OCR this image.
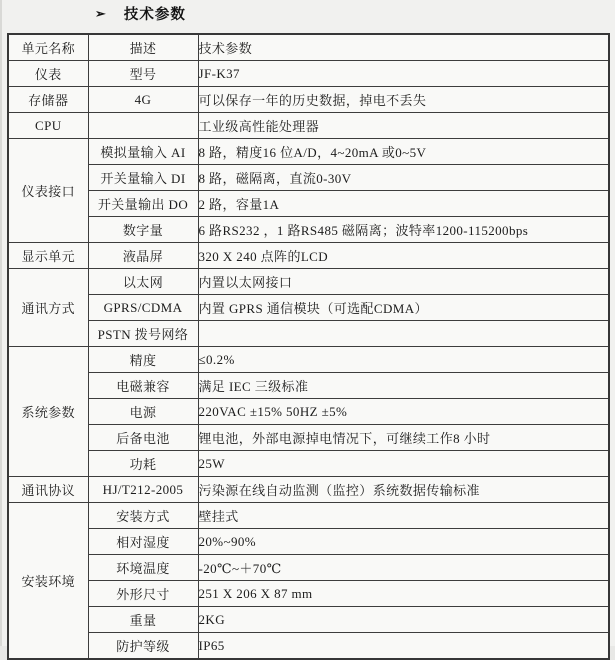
➢ 技术参数
单元名称	描述	技术参数
仪表	型号	JF-K37
存储器	4G	可以保存一年的历史数据，掉电不丢失
CPU		工业级高性能处理器
仪表接口	模拟量输入 AI	8 路，精度16 位A/D，4~20mA 或0~5V
	开关量输入 DI	8 路，磁隔离，直流0-30V
	开关量输出 DO	2 路，容量1A
	数字量	6 路RS232 ，1 路RS485 磁隔离；波特率1200-115200bps
显示单元	液晶屏	320 X 240 点阵的LCD
通讯方式	以太网	内置以太网接口
	GPRS/CDMA	内置 GPRS 通信模块（可选配CDMA）
	PSTN 拨号网络	
系统参数	精度	≤0.2%
	电磁兼容	满足 IEC 三级标准
	电源	220VAC ±15% 50HZ ±5%
	后备电池	锂电池，外部电源掉电情况下，可继续工作8 小时
	功耗	25W
通讯协议	HJ/T212-2005	污染源在线自动监测（监控）系统数据传输标准
安装环境	安装方式	壁挂式
	相对湿度	20%~90%
	环境温度	-20℃~＋70℃
	外形尺寸	251 X 206 X 87 mm
	重量	2KG
	防护等级	IP65
